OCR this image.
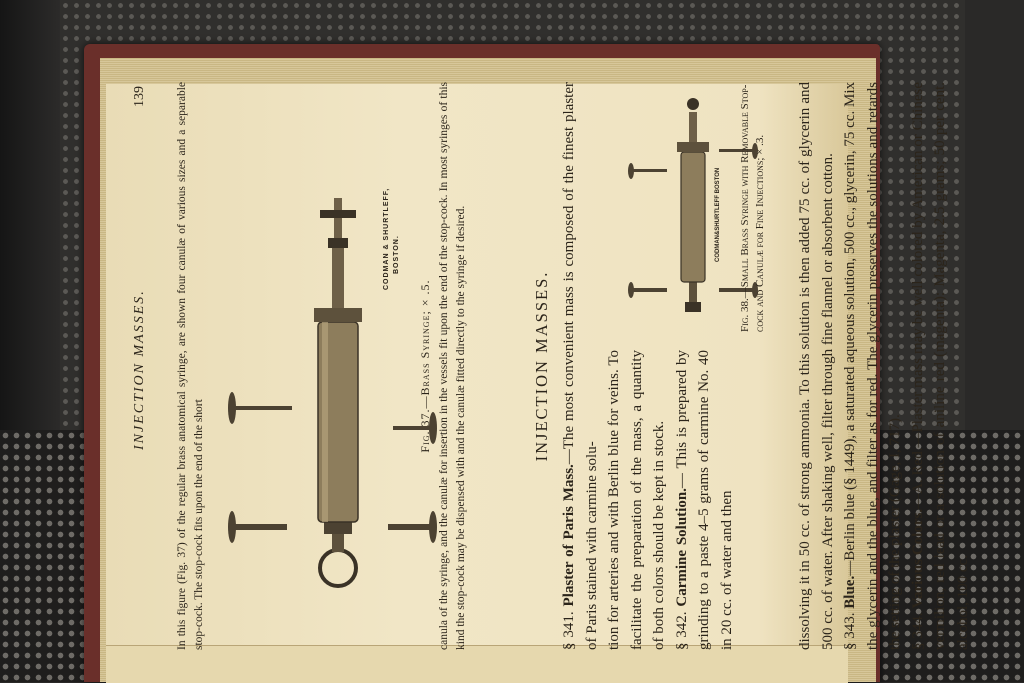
INJECTION MASSES.
139	In this figure (Fig. 37) of the regular brass anatomical syringe, are shown four canulæ of various sizes and a separable stop-cock. The stop-cock fits upon the end of the short

CODMAN & SHURTLEFF, BOSTON.
Fig. 37.—Brass Syringe; × .5. canula of the syringe, and the canulæ for insertion in the vessels fit upon the end of the stop-cock. In most syringes of this kind the stop-cock may be dispensed with and the canulæ fitted directly to the syringe if desired.	INJECTION MASSES.

§ 341. Plaster of Paris Mass.—The most convenient mass is composed of the finest plaster of Paris stained with carmine solu- tion for arteries and with Berlin blue for veins. To facilitate the preparation of the mass, a quantity of both colors should be kept in stock. § 342. Carmine Solution.— This is prepared by grinding to a paste 4–5 grams of carmine No. 40 in 20 cc. of water and then

CODMAN&SHURTLEFF BOSTON Fig. 38.—Small Brass Syringe with Removable Stop-cock and Canulæ for Fine Injections; × .3. dissolving it in 50 cc. of strong ammonia. To this solution is then added 75 cc. of glycerin and 500 cc. of water. After shaking well, filter through fine flannel or absorbent cotton. § 343. Blue.—Berlin blue (§ 1449), a saturated aqueous solution, 500 cc., glycerin, 75 cc. Mix the glycerin and the blue, and filter as for red. The glycerin preserves the solutions and retards the setting of the plaster (Gage, I, 717). § 344. Various Colors.—A. Red.—Plaster mass may be well colored by American or Chinese vermilion, red lead or a solution of aniline red (magenta): Magenta, 2.5 grams; 50 per cent. alcohol, 100 cc.
